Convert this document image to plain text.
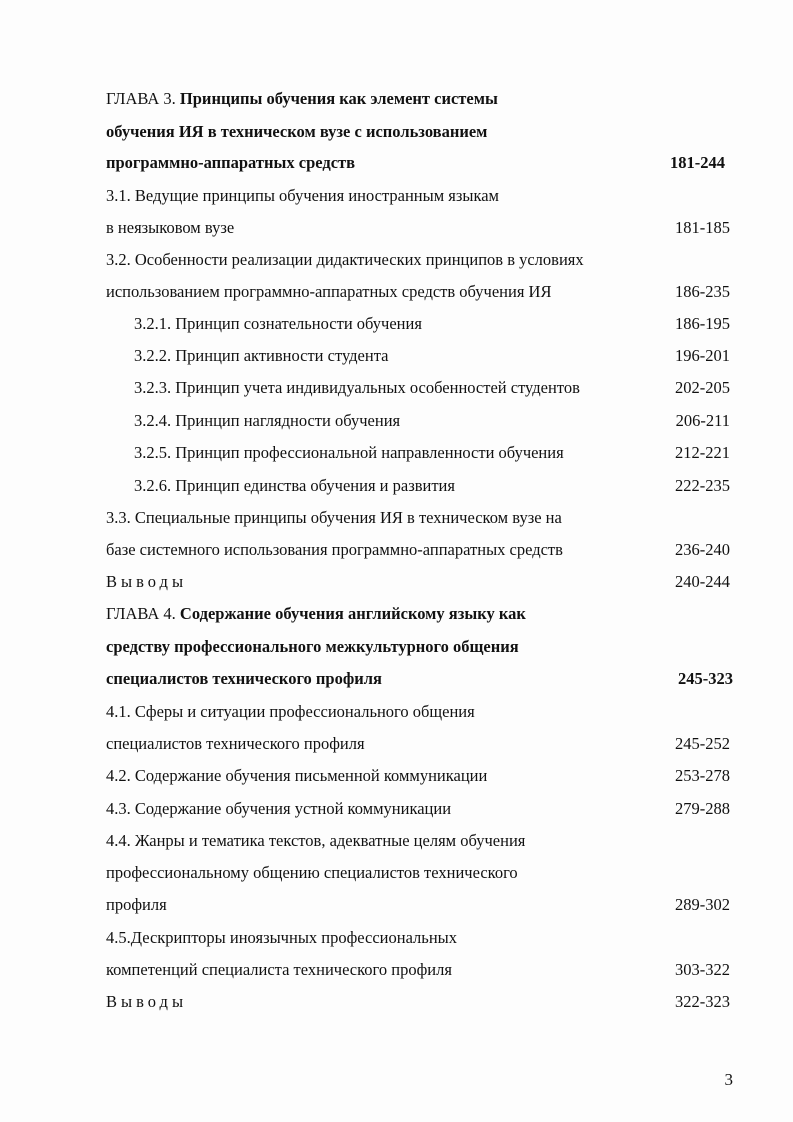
ГЛАВА 3. Принципы обучения как элемент системы
обучения ИЯ в техническом вузе с использованием
программно-аппаратных средств	181-244
3.1. Ведущие принципы обучения иностранным языкам
в неязыковом вузе	181-185
3.2. Особенности реализации дидактических принципов в условиях
использованием программно-аппаратных средств обучения ИЯ	186-235
3.2.1. Принцип сознательности обучения	186-195
3.2.2. Принцип активности студента	196-201
3.2.3. Принцип учета индивидуальных особенностей студентов	202-205
3.2.4. Принцип наглядности обучения	206-211
3.2.5. Принцип профессиональной направленности обучения	212-221
3.2.6. Принцип единства обучения и развития	222-235
3.3. Специальные принципы обучения ИЯ в техническом вузе на
базе системного использования программно-аппаратных средств	236-240
Выводы	240-244
ГЛАВА 4. Содержание обучения английскому языку как
средству профессионального межкультурного общения
специалистов технического профиля	245-323
4.1. Сферы и ситуации профессионального общения
специалистов технического профиля	245-252
4.2. Содержание обучения письменной коммуникации	253-278
4.3. Содержание обучения устной коммуникации	279-288
4.4. Жанры и тематика текстов, адекватные целям обучения
профессиональному общению специалистов технического
профиля	289-302
4.5.Дескрипторы иноязычных профессиональных
компетенций специалиста технического профиля	303-322
Выводы	322-323
3
